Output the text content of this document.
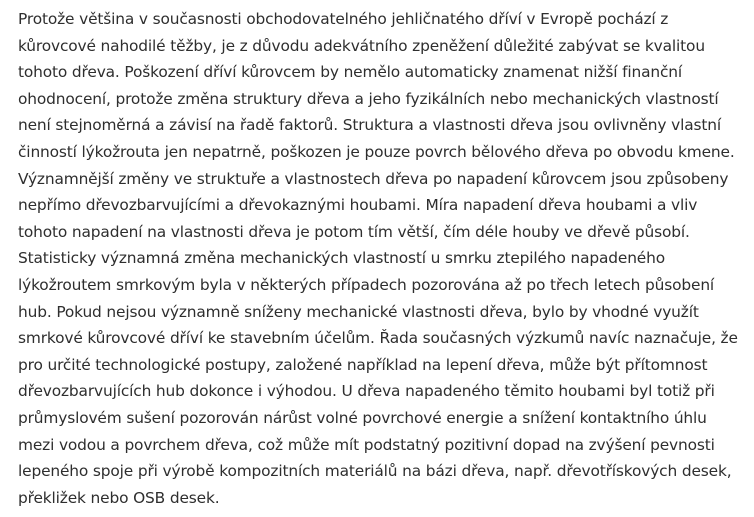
Protože většina v současnosti obchodovatelného jehličnatého dříví v Evropě pochází z
kůrovcové nahodilé těžby, je z důvodu adekvátního zpeněžení důležité zabývat se kvalitou
tohoto dřeva. Poškození dříví kůrovcem by nemělo automaticky znamenat nižší finanční
ohodnocení, protože změna struktury dřeva a jeho fyzikálních nebo mechanických vlastností
není stejnoměrná a závisí na řadě faktorů. Struktura a vlastnosti dřeva jsou ovlivněny vlastní
činností lýkožrouta jen nepatrně, poškozen je pouze povrch bělového dřeva po obvodu kmene.
Významnější změny ve struktuře a vlastnostech dřeva po napadení kůrovcem jsou způsobeny
nepřímo dřevozbarvujícími a dřevokaznými houbami. Míra napadení dřeva houbami a vliv
tohoto napadení na vlastnosti dřeva je potom tím větší, čím déle houby ve dřevě působí.
Statisticky významná změna mechanických vlastností u smrku ztepilého napadeného
lýkožroutem smrkovým byla v některých případech pozorována až po třech letech působení
hub. Pokud nejsou významně sníženy mechanické vlastnosti dřeva, bylo by vhodné využít
smrkové kůrovcové dříví ke stavebním účelům. Řada současných výzkumů navíc naznačuje, že
pro určité technologické postupy, založené například na lepení dřeva, může být přítomnost
dřevozbarvujících hub dokonce i výhodou. U dřeva napadeného těmito houbami byl totiž při
průmyslovém sušení pozorován nárůst volné povrchové energie a snížení kontaktního úhlu
mezi vodou a povrchem dřeva, což může mít podstatný pozitivní dopad na zvýšení pevnosti
lepeného spoje při výrobě kompozitních materiálů na bázi dřeva, např. dřevotřískových desek,
překližek nebo OSB desek.
